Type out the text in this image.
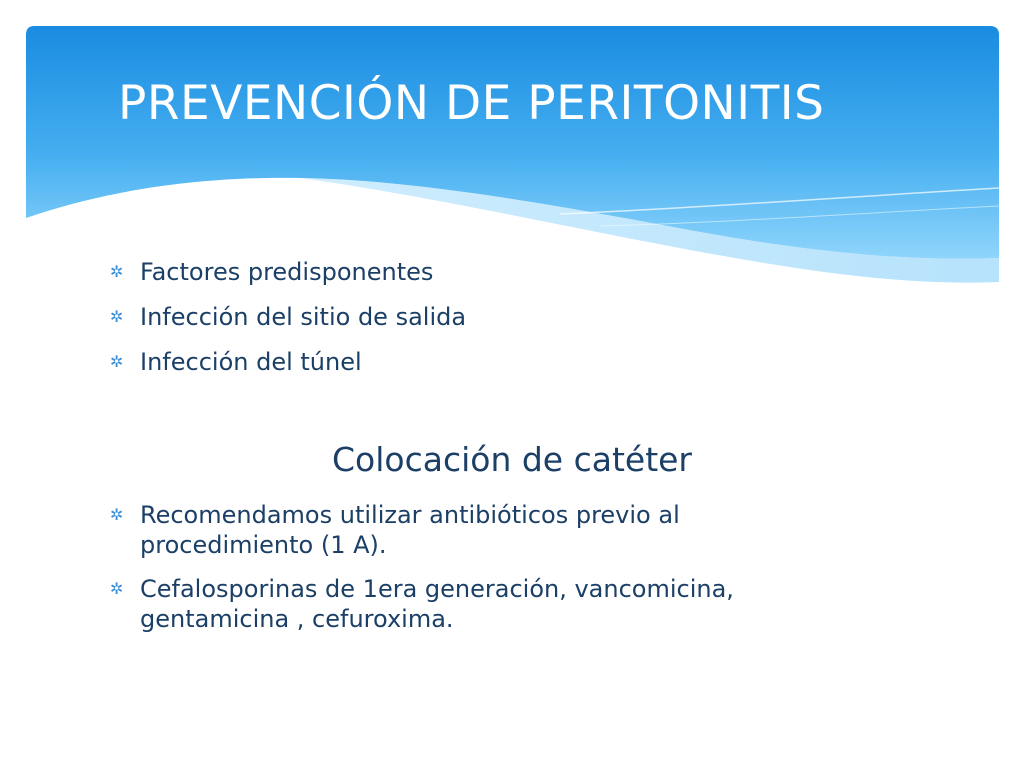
PREVENCIÓN DE PERITONITIS
✲ Factores predisponentes
✲ Infección del sitio de salida
✲ Infección del túnel
Colocación de catéter
✲ Recomendamos utilizar antibióticos previo al procedimiento (1 A).
✲ Cefalosporinas de 1era generación, vancomicina, gentamicina , cefuroxima.
